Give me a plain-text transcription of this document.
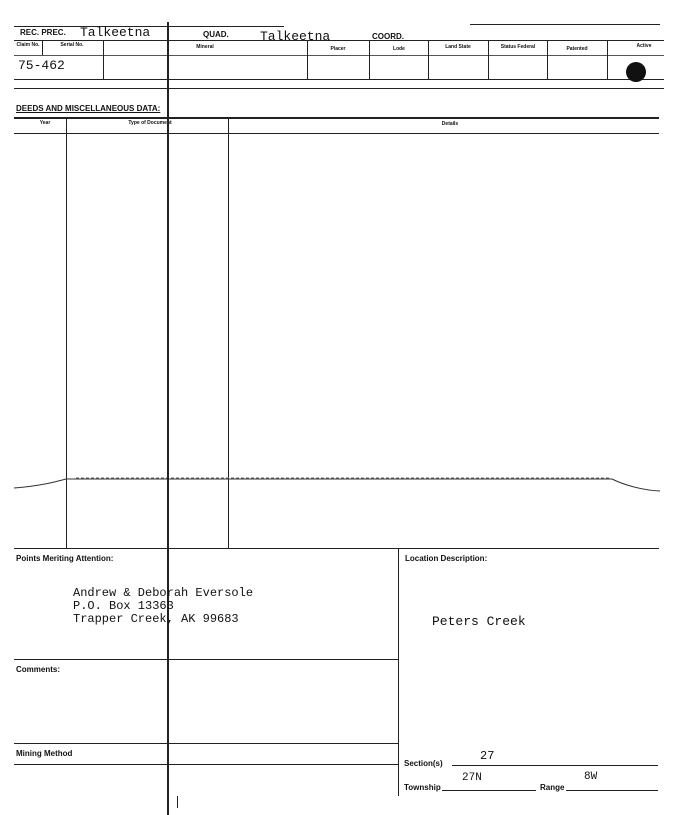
REC. PREC. Talkeetna	QUAD. Talkeetna	COORD.
Claim No.	Serial No.	Mineral	Placer	Lode	Land State	Status Federal	Patented	Active
75-462
DEEDS AND MISCELLANEOUS DATA:
Year	Type of Document	Details
Points Meriting Attention:
Andrew & Deborah Eversole
P.O. Box 13363
Trapper Creek, AK 99683
Location Description:
Peters Creek
Comments:
Mining Method
Section(s)
27
Township
27N
Range
8W
